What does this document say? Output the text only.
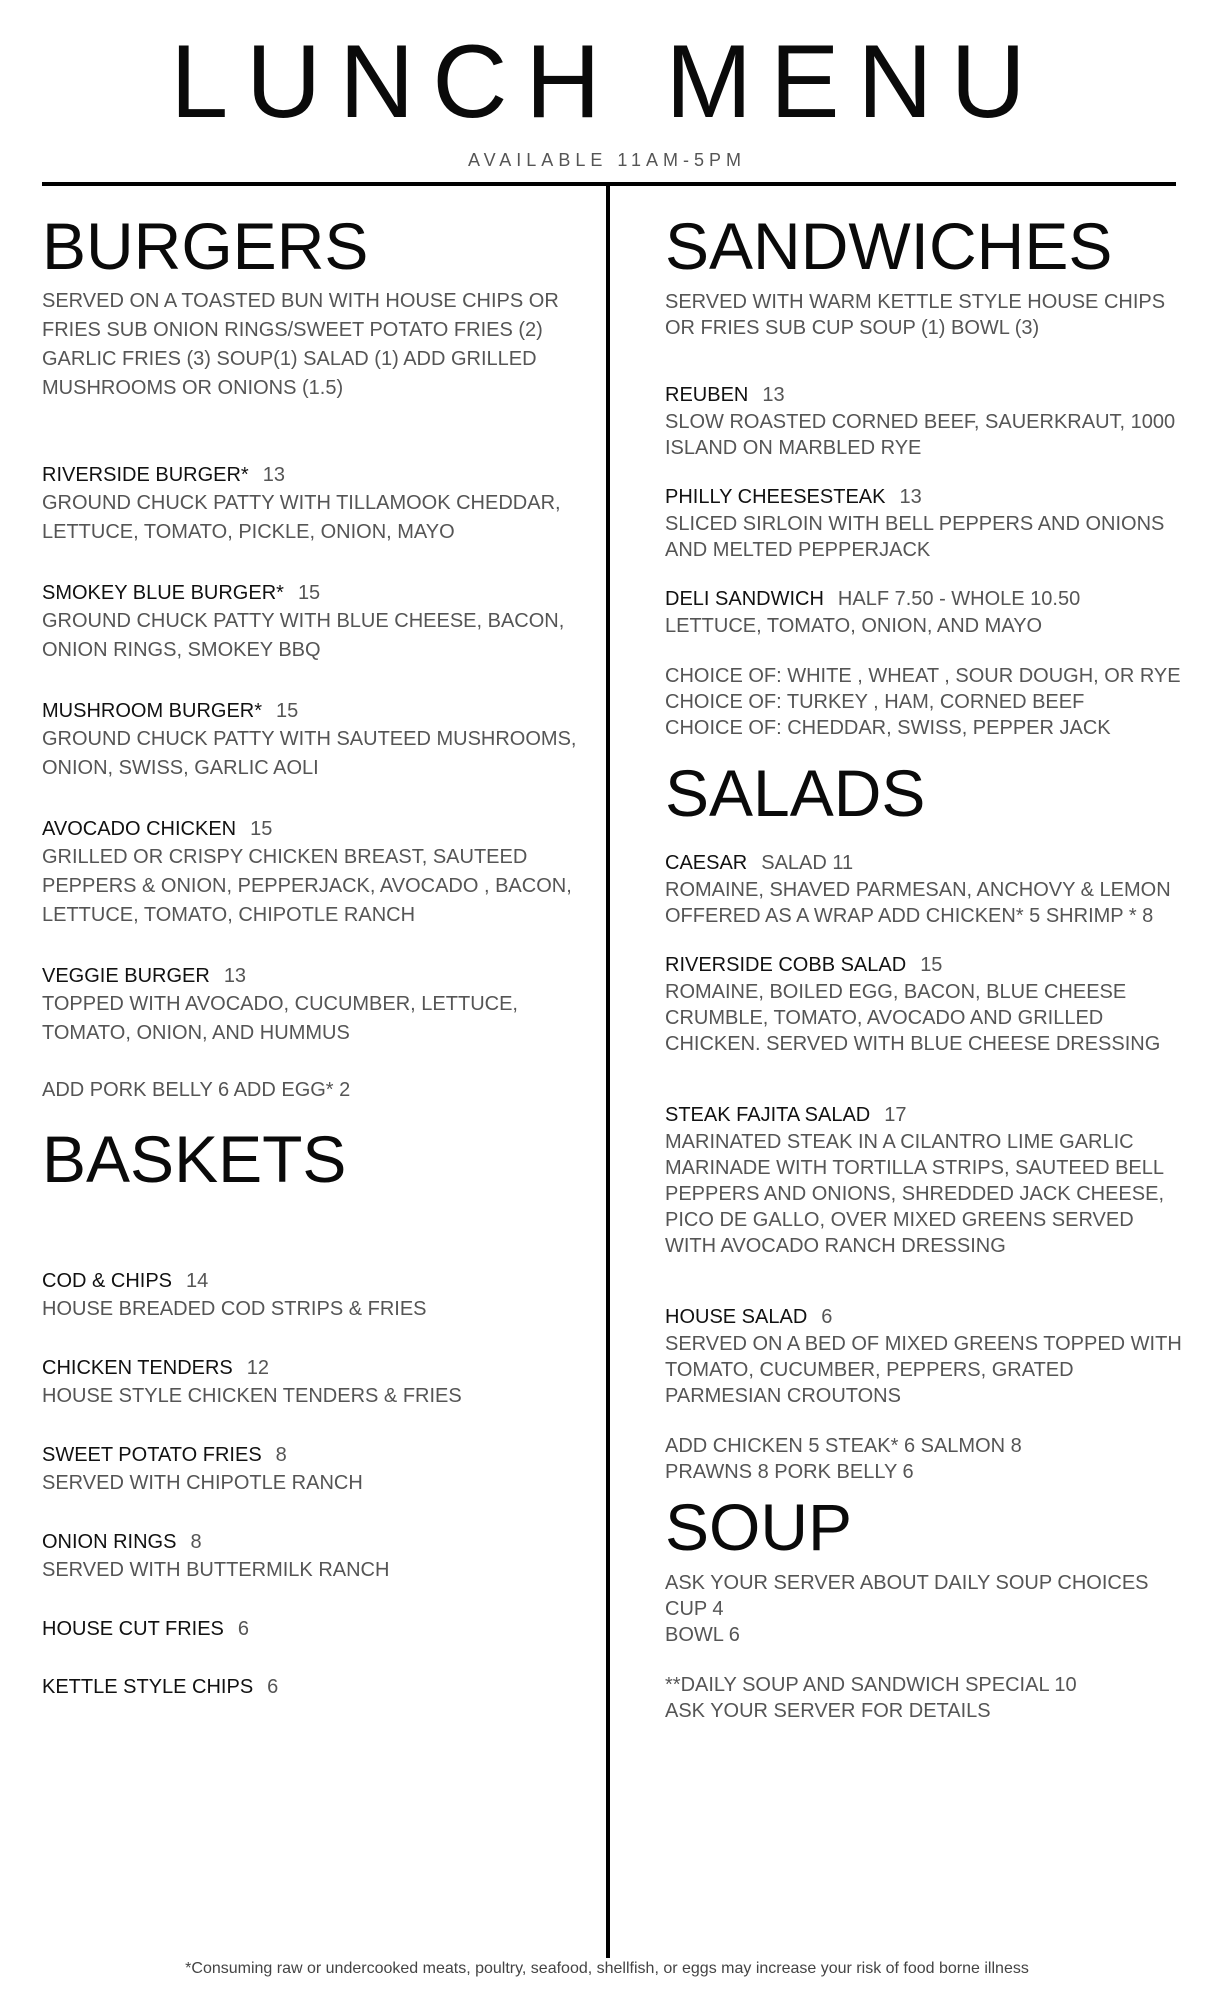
LUNCH MENU

AVAILABLE 11AM-5PM

BURGERS

SERVED ON A TOASTED BUN WITH HOUSE CHIPS OR FRIES SUB ONION RINGS/SWEET POTATO FRIES (2) GARLIC FRIES (3) SOUP(1) SALAD (1) ADD GRILLED MUSHROOMS OR ONIONS (1.5)

RIVERSIDE BURGER* 13

GROUND CHUCK PATTY WITH TILLAMOOK CHEDDAR, LETTUCE, TOMATO, PICKLE, ONION, MAYO

SMOKEY BLUE BURGER* 15

GROUND CHUCK PATTY WITH BLUE CHEESE, BACON, ONION RINGS, SMOKEY BBQ

MUSHROOM BURGER* 15

GROUND CHUCK PATTY WITH SAUTEED MUSHROOMS, ONION, SWISS, GARLIC AOLI

AVOCADO CHICKEN 15

GRILLED OR CRISPY CHICKEN BREAST, SAUTEED PEPPERS & ONION, PEPPERJACK, AVOCADO , BACON, LETTUCE, TOMATO, CHIPOTLE RANCH

VEGGIE BURGER 13

TOPPED WITH AVOCADO, CUCUMBER, LETTUCE, TOMATO, ONION, AND HUMMUS

ADD PORK BELLY 6 ADD EGG* 2

BASKETS
COD & CHIPS 14

HOUSE BREADED COD STRIPS & FRIES

CHICKEN TENDERS 12

HOUSE STYLE CHICKEN TENDERS & FRIES

SWEET POTATO FRIES 8

SERVED WITH CHIPOTLE RANCH

ONION RINGS 8

SERVED WITH BUTTERMILK RANCH

HOUSE CUT FRIES 6
KETTLE STYLE CHIPS 6
SANDWICHES

SERVED WITH WARM KETTLE STYLE HOUSE CHIPS OR FRIES SUB CUP SOUP (1) BOWL (3)

REUBEN 13

SLOW ROASTED CORNED BEEF, SAUERKRAUT, 1000 ISLAND ON MARBLED RYE

PHILLY CHEESESTEAK 13

SLICED SIRLOIN WITH BELL PEPPERS AND ONIONS AND MELTED PEPPERJACK

DELI SANDWICH HALF 7.50 - WHOLE 10.50

LETTUCE, TOMATO, ONION, AND MAYO

CHOICE OF: WHITE , WHEAT , SOUR DOUGH, OR RYE

CHOICE OF: TURKEY , HAM, CORNED BEEF

CHOICE OF: CHEDDAR, SWISS, PEPPER JACK

SALADS
CAESAR SALAD 11

ROMAINE, SHAVED PARMESAN, ANCHOVY & LEMON

OFFERED AS A WRAP ADD CHICKEN* 5 SHRIMP * 8

RIVERSIDE COBB SALAD 15

ROMAINE, BOILED EGG, BACON, BLUE CHEESE CRUMBLE, TOMATO, AVOCADO AND GRILLED CHICKEN. SERVED WITH BLUE CHEESE DRESSING

STEAK FAJITA SALAD 17

MARINATED STEAK IN A CILANTRO LIME GARLIC MARINADE WITH TORTILLA STRIPS, SAUTEED BELL PEPPERS AND ONIONS, SHREDDED JACK CHEESE, PICO DE GALLO, OVER MIXED GREENS SERVED WITH AVOCADO RANCH DRESSING

HOUSE SALAD 6

SERVED ON A BED OF MIXED GREENS TOPPED WITH TOMATO, CUCUMBER, PEPPERS, GRATED PARMESIAN CROUTONS

ADD CHICKEN 5 STEAK* 6 SALMON 8

PRAWNS 8 PORK BELLY 6

SOUP

ASK YOUR SERVER ABOUT DAILY SOUP CHOICES

CUP 4

BOWL 6

**DAILY SOUP AND SANDWICH SPECIAL 10

ASK YOUR SERVER FOR DETAILS

*Consuming raw or undercooked meats, poultry, seafood, shellfish, or eggs may increase your risk of food borne illness
